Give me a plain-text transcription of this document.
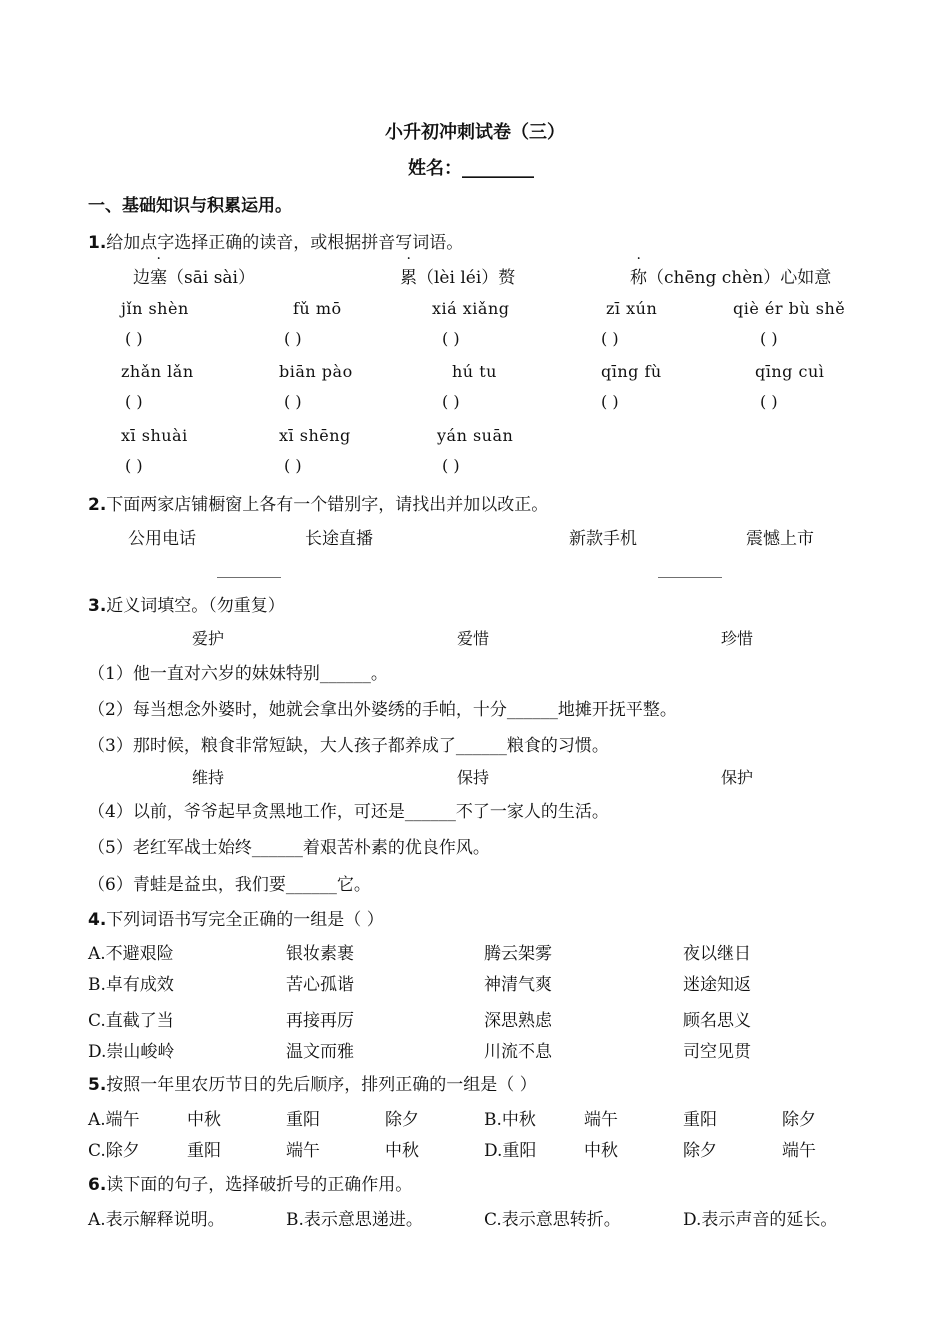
小升初冲刺试卷（三）
姓名：________
一、基础知识与积累运用。
1.给加点字选择正确的读音，或根据拼音写词语。
边
·
塞（sāi sài）
·
累（lèi léi）赘
·
称（chēng chèn）心如意
jǐn shèn	fǔ mō	xiá xiǎng	zī xún	qiè ér bù shě
( )	( )	( )	( )	( )
zhǎn lǎn	biān pào	hú tu	qīng fù	qīng cuì
( )	( )	( )	( )	( )
xī shuài	xī shēng	yán suān
( )	( )	( )
2.下面两家店铺橱窗上各有一个错别字，请找出并加以改正。
公用电话	长途直播	新款手机	震憾上市
________	________
3.近义词填空。（勿重复）
爱护	爱惜	珍惜
（1）他一直对六岁的妹妹特别______。
（2）每当想念外婆时，她就会拿出外婆绣的手帕，十分______地摊开抚平整。
（3）那时候，粮食非常短缺，大人孩子都养成了______粮食的习惯。
维持	保持	保护
（4）以前，爷爷起早贪黑地工作，可还是______不了一家人的生活。
（5）老红军战士始终______着艰苦朴素的优良作风。
（6）青蛙是益虫，我们要______它。
4.下列词语书写完全正确的一组是（ ）
A.不避艰险	银妆素裹	腾云架雾	夜以继日
B.卓有成效	苦心孤谐	神清气爽	迷途知返
C.直截了当	再接再厉	深思熟虑	顾名思义
D.崇山峻岭	温文而雅	川流不息	司空见贯
5.按照一年里农历节日的先后顺序，排列正确的一组是（ ）
A.端午	中秋	重阳	除夕	B.中秋	端午	重阳	除夕
C.除夕	重阳	端午	中秋	D.重阳	中秋	除夕	端午
6.读下面的句子，选择破折号的正确作用。
A.表示解释说明。	B.表示意思递进。	C.表示意思转折。	D.表示声音的延长。
